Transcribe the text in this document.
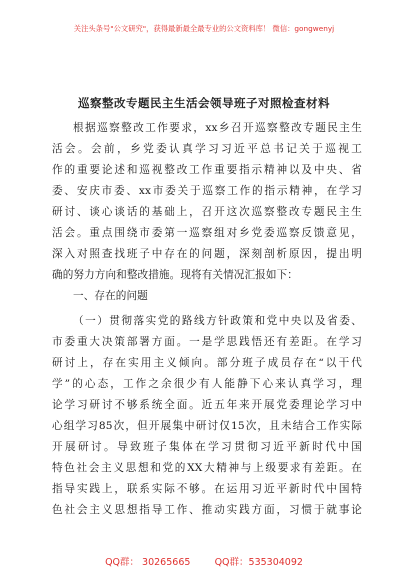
关注头条号"公文研究"，获得最新最全最专业的公文资料库！ 微信：gongwenyj
巡察整改专题民主生活会领导班子对照检查材料
根据巡察整改工作要求，xx乡召开巡察整改专题民主生
活会。会前，乡党委认真学习习近平总书记关于巡视工
作的重要论述和巡视整改工作重要指示精神以及中央、省
委、安庆市委、xx市委关于巡察工作的指示精神，在学习
研讨、谈心谈话的基础上，召开这次巡察整改专题民主生
活会。重点围绕市委第一巡察组对乡党委巡察反馈意见，
深入对照查找班子中存在的问题，深刻剖析原因，提出明
确的努力方向和整改措施。现将有关情况汇报如下：
一、存在的问题
（一）贯彻落实党的路线方针政策和党中央以及省委、
市委重大决策部署方面。一是学思践悟还有差距。在学习
研讨上，存在实用主义倾向。部分班子成员存在“以干代
学”的心态，工作之余很少有人能静下心来认真学习，理
论学习研讨不够系统全面。近五年来开展党委理论学习中
心组学习85次，但开展集中研讨仅15次，且未结合工作实际
开展研讨。导致班子集体在学习贯彻习近平新时代中国
特色社会主义思想和党的XX大精神与上级要求有差距。在
指导实践上，联系实际不够。在运用习近平新时代中国特
色社会主义思想指导工作、推动实践方面，习惯于就事论
QQ群： 30265665        QQ群：535304092
